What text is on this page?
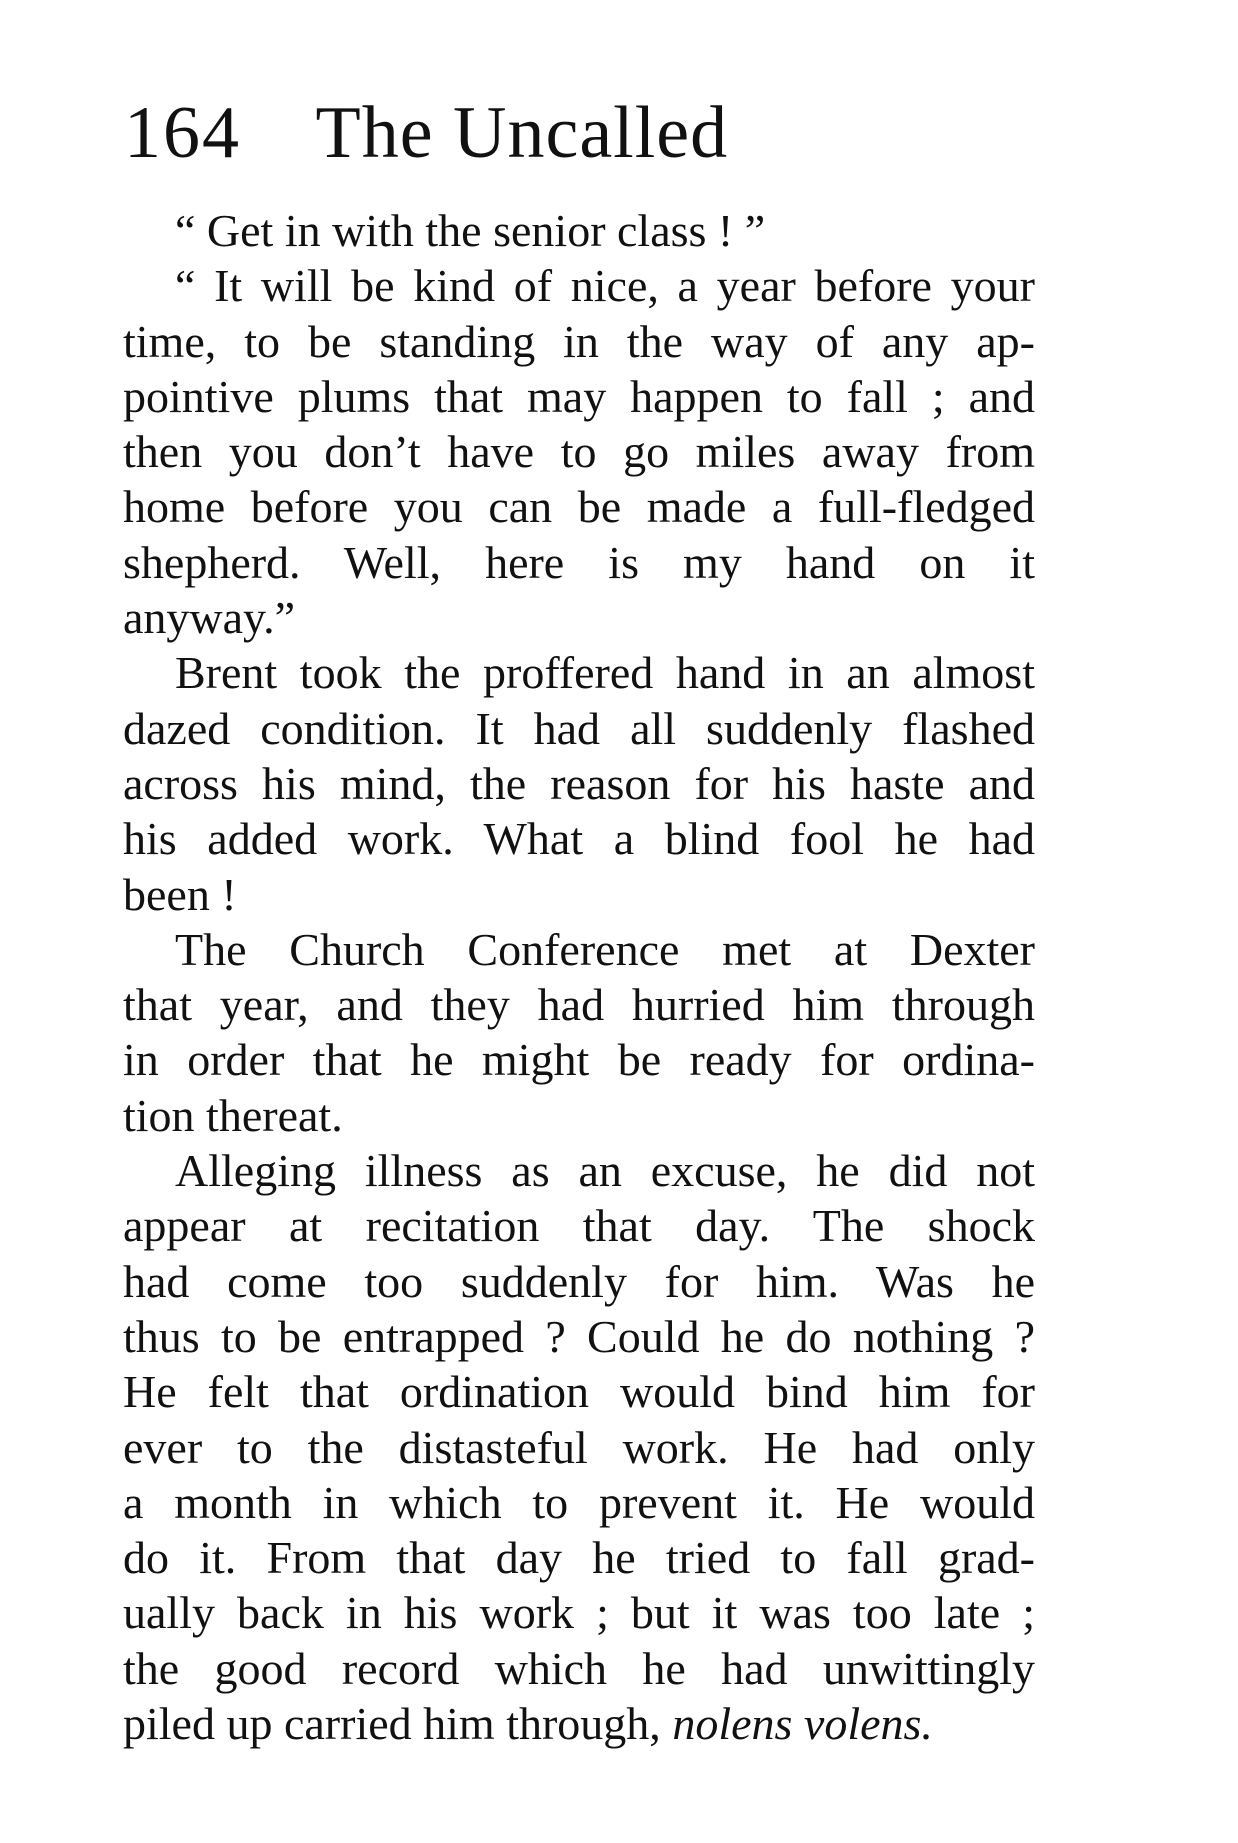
164 The Uncalled
“ Get in with the senior class ! ”
“ It will be kind of nice, a year before your
time, to be standing in the way of any ap-
pointive plums that may happen to fall ; and
then you don’t have to go miles away from
home before you can be made a full-fledged
shepherd. Well, here is my hand on it
anyway.”
Brent took the proffered hand in an almost
dazed condition. It had all suddenly flashed
across his mind, the reason for his haste and
his added work. What a blind fool he had
been !
The Church Conference met at Dexter
that year, and they had hurried him through
in order that he might be ready for ordina-
tion thereat.
Alleging illness as an excuse, he did not
appear at recitation that day. The shock
had come too suddenly for him. Was he
thus to be entrapped ? Could he do nothing ?
He felt that ordination would bind him for
ever to the distasteful work. He had only
a month in which to prevent it. He would
do it. From that day he tried to fall grad-
ually back in his work ; but it was too late ;
the good record which he had unwittingly
piled up carried him through, nolens volens.
